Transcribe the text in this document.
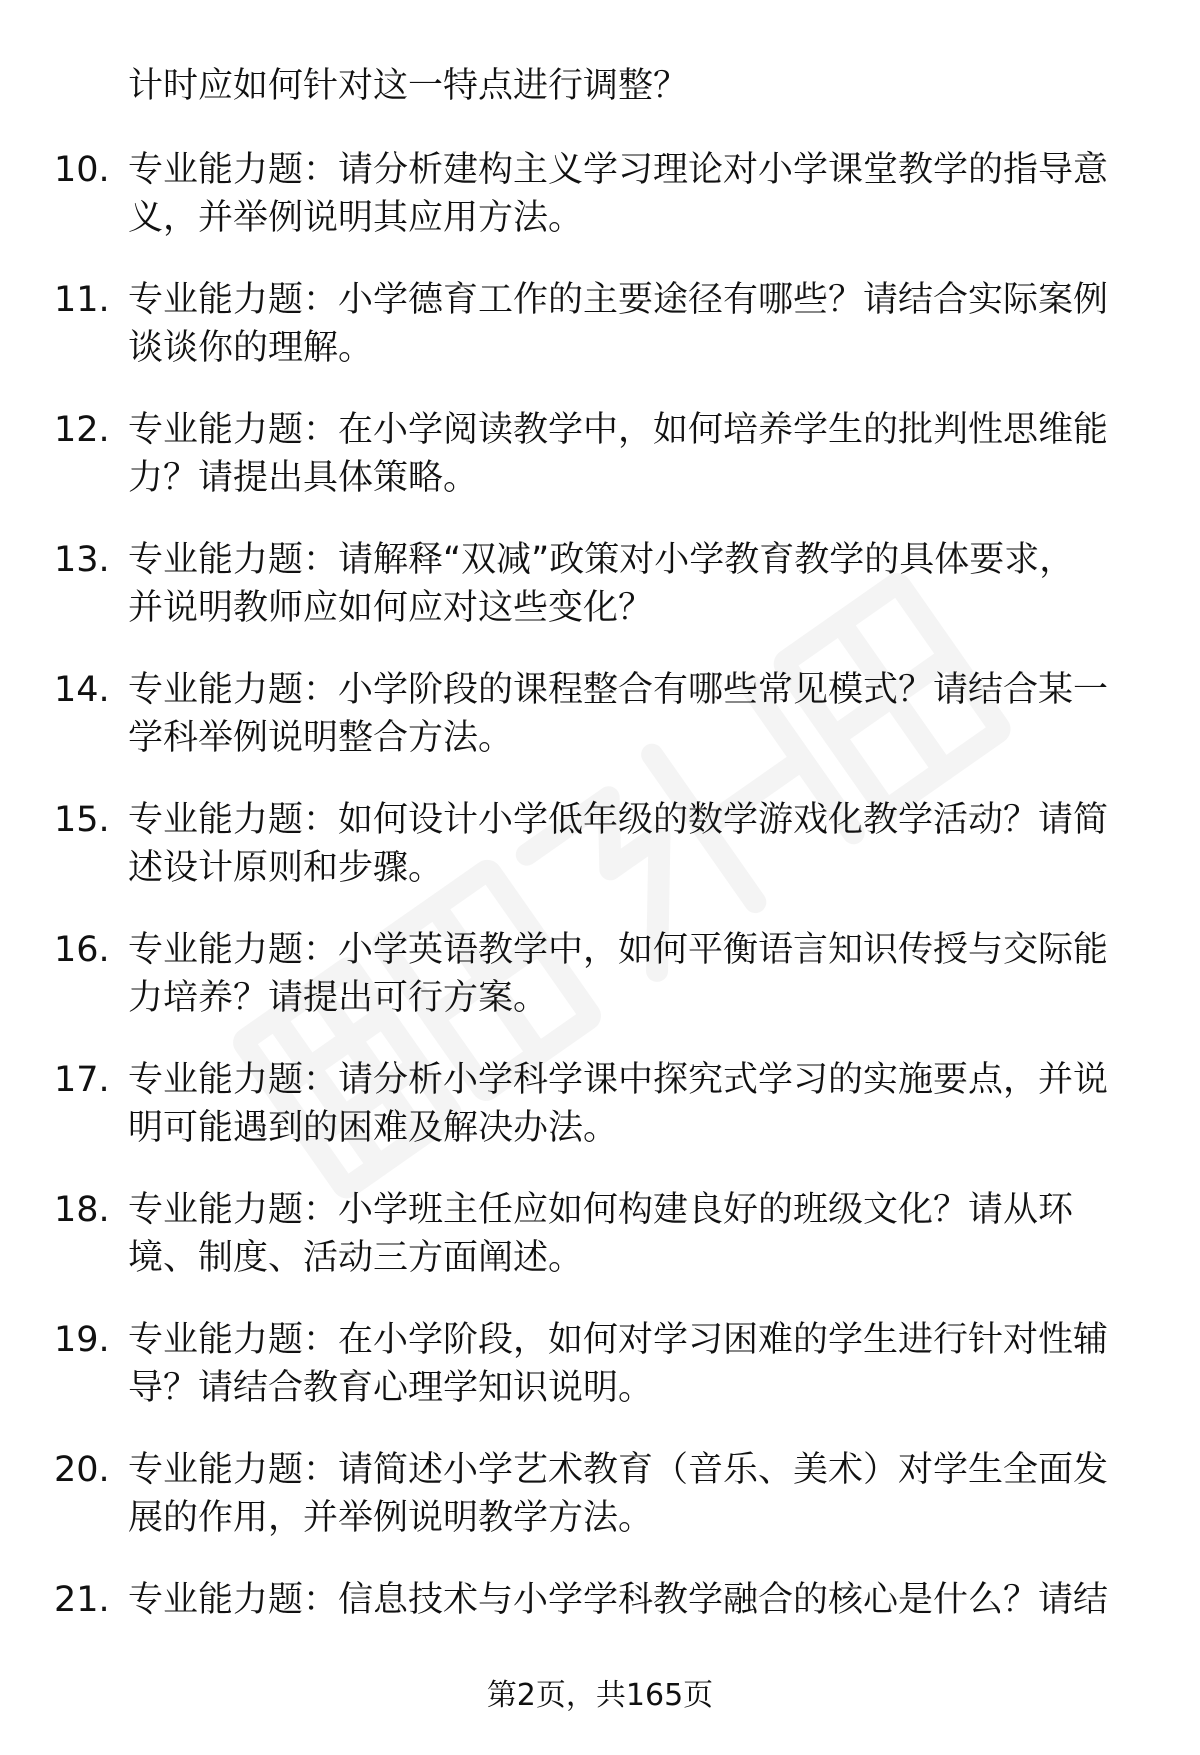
计时应如何针对这一特点进行调整？
10. 专业能力题：请分析建构主义学习理论对小学课堂教学的指导意
义，并举例说明其应用方法。
11. 专业能力题：小学德育工作的主要途径有哪些？请结合实际案例
谈谈你的理解。
12. 专业能力题：在小学阅读教学中，如何培养学生的批判性思维能
力？请提出具体策略。
13. 专业能力题：请解释“双减”政策对小学教育教学的具体要求，
并说明教师应如何应对这些变化？
14. 专业能力题：小学阶段的课程整合有哪些常见模式？请结合某一
学科举例说明整合方法。
15. 专业能力题：如何设计小学低年级的数学游戏化教学活动？请简
述设计原则和步骤。
16. 专业能力题：小学英语教学中，如何平衡语言知识传授与交际能
力培养？请提出可行方案。
17. 专业能力题：请分析小学科学课中探究式学习的实施要点，并说
明可能遇到的困难及解决办法。
18. 专业能力题：小学班主任应如何构建良好的班级文化？请从环
境、制度、活动三方面阐述。
19. 专业能力题：在小学阶段，如何对学习困难的学生进行针对性辅
导？请结合教育心理学知识说明。
20. 专业能力题：请简述小学艺术教育（音乐、美术）对学生全面发
展的作用，并举例说明教学方法。
21. 专业能力题：信息技术与小学学科教学融合的核心是什么？请结
第2页，共165页
